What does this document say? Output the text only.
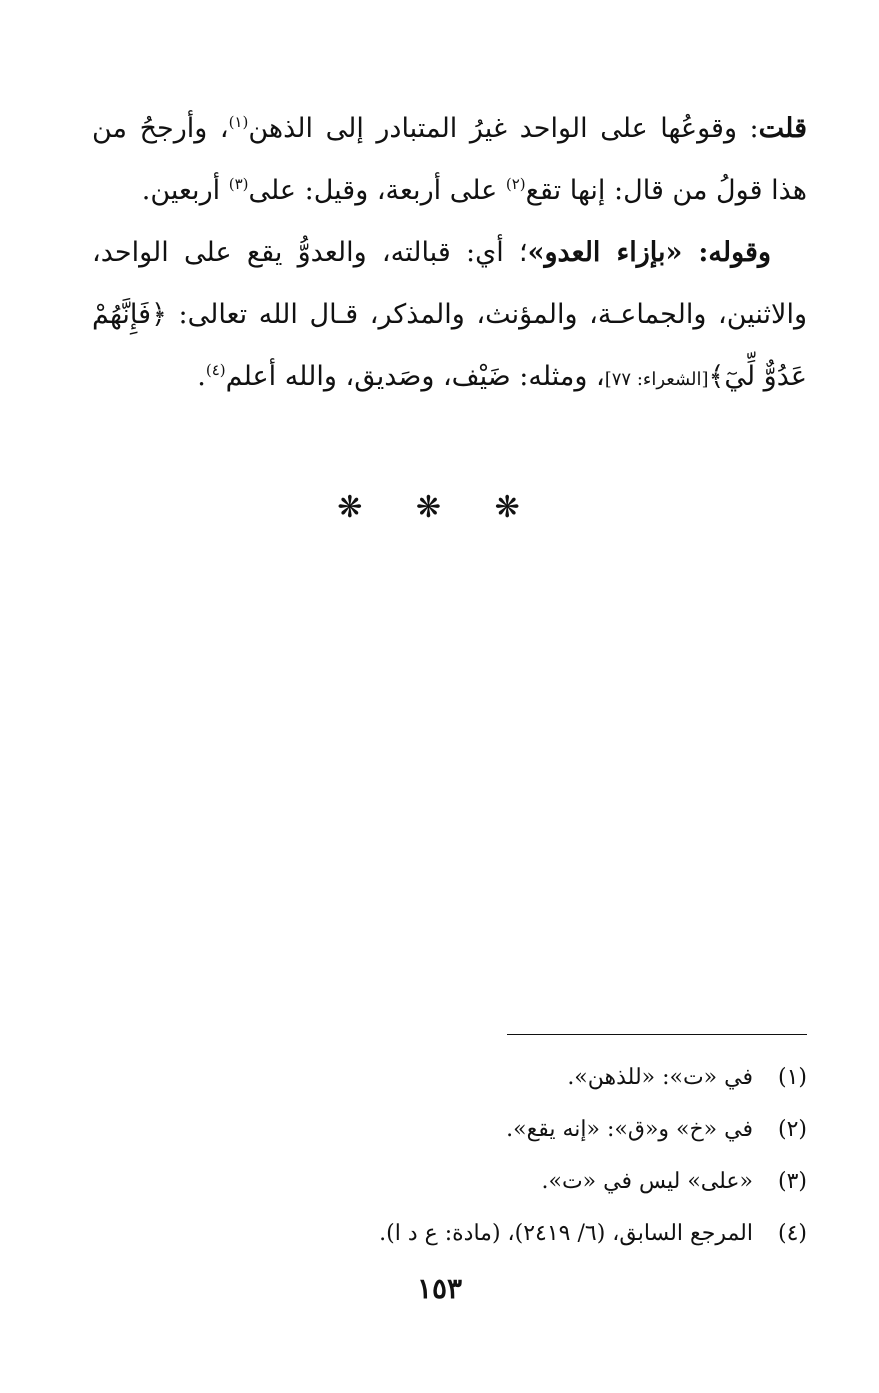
قلت: وقوعُها على الواحد غيرُ المتبادر إلى الذهن$^{(١)}$، وأرجحُ من هذا قولُ من قال: إنها تقع$^{(٢)}$ على أربعة، وقيل: على$^{(٣)}$ أربعين.

وقوله: «بإزاء العدو»؛ أي: قبالته، والعدوُّ يقع على الواحد، والاثنين، والجماعـة، والمؤنث، والمذكر، قـال الله تعالى: ﴿فَإِنَّهُمْ عَدُوٌّ لِّيٓ﴾[الشعراء: ٧٧]، ومثله: ضَيْف، وصَديق، والله أعلم$^{(٤)}$.

❋ ❋ ❋
(١)
في «ت»: «للذهن».
(٢)
في «خ» و«ق»: «إنه يقع».
(٣)
«على» ليس في «ت».
(٤)
المرجع السابق، (٦/ ٢٤١٩)، (مادة: ع د ا).
١٥٣
